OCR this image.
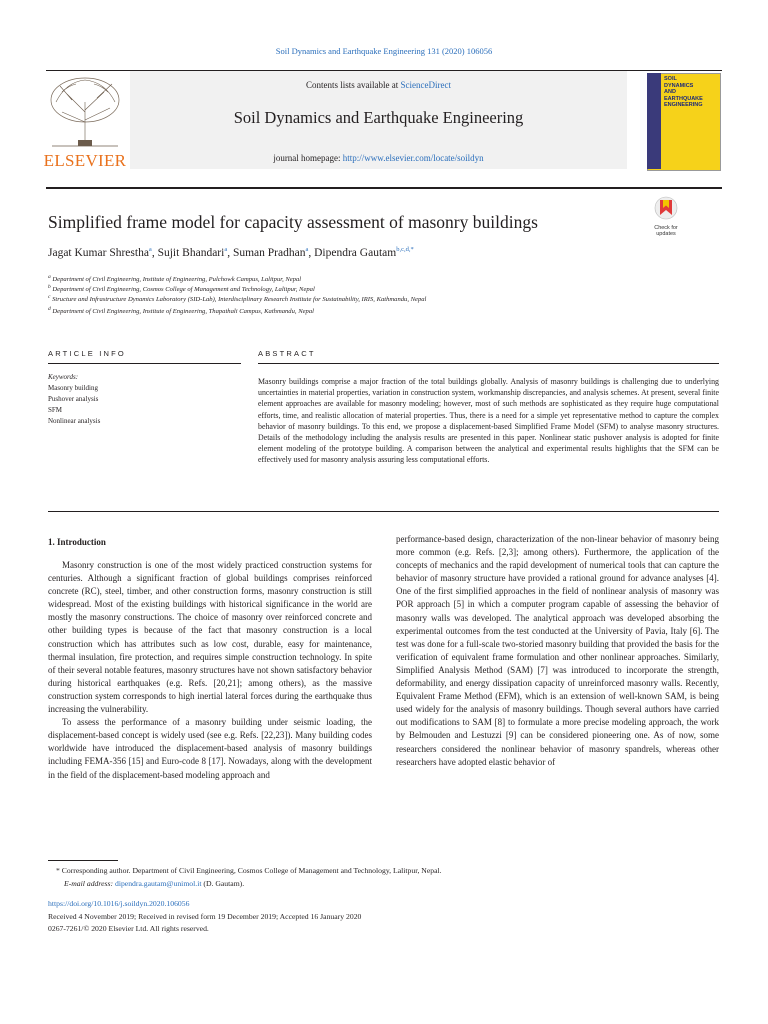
Soil Dynamics and Earthquake Engineering 131 (2020) 106056
ELSEVIER
Contents lists available at ScienceDirect
Soil Dynamics and Earthquake Engineering
journal homepage: http://www.elsevier.com/locate/soildyn
SOIL
DYNAMICS
AND
EARTHQUAKE
ENGINEERING
Simplified frame model for capacity assessment of masonry buildings	Check for
updates
Jagat Kumar Shrestha$^a$, Sujit Bhandari$^a$, Suman Pradhan$^a$, Dipendra Gautam$^{b,c,d,*}$
$^a$ Department of Civil Engineering, Institute of Engineering, Pulchowk Campus, Lalitpur, Nepal
$^b$ Department of Civil Engineering, Cosmos College of Management and Technology, Lalitpur, Nepal
$^c$ Structure and Infrastructure Dynamics Laboratory (SID-Lab), Interdisciplinary Research Institute for Sustainability, IRIS, Kathmandu, Nepal
$^d$ Department of Civil Engineering, Institute of Engineering, Thapathali Campus, Kathmandu, Nepal
ARTICLE INFO	ABSTRACT
Keywords:
Masonry building
Pushover analysis
SFM
Nonlinear analysis
Masonry buildings comprise a major fraction of the total buildings globally. Analysis of masonry buildings is challenging due to underlying uncertainties in material properties, variation in construction system, workmanship discrepancies, and analysis schemes. At present, several finite element approaches are available for masonry modeling; however, most of such methods are sophisticated as they require huge computational efforts, time, and realistic allocation of material properties. Thus, there is a need for a simple yet representative method to capture the complex behavior of masonry buildings. To this end, we propose a displacement-based Simplified Frame Model (SFM) to analyse masonry structures. Details of the methodology including the analysis results are presented in this paper. Nonlinear static pushover analysis is adopted for finite element modeling of the prototype building. A comparison between the analytical and experimental results highlights that the SFM can be effectively used for masonry analysis assuring less computational efforts.
1. Introduction

Masonry construction is one of the most widely practiced construction systems for centuries. Although a significant fraction of global buildings comprises reinforced concrete (RC), steel, timber, and other construction forms, masonry construction is still widespread. Most of the existing buildings with historical significance in the world are mostly the masonry constructions. The choice of masonry over reinforced concrete and other building types is because of the fact that masonry construction is a local construction which has attributes such as low cost, durable, easy for maintenance, thermal insulation, fire protection, and requires simple construction technology. In spite of their several notable features, masonry structures have not shown satisfactory behavior during historical earthquakes (e.g. Refs. [20,21]; among others), as the massive construction system corresponds to high inertial lateral forces during the earthquake thus increasing the vulnerability.

To assess the performance of a masonry building under seismic loading, the displacement-based concept is widely used (see e.g. Refs. [22,23]). Many building codes worldwide have introduced the displacement-based analysis of masonry buildings including FEMA-356 [15] and Euro-code 8 [17]. Nowadays, along with the development in the field of the displacement-based modeling approach and

performance-based design, characterization of the non-linear behavior of masonry being more common (e.g. Refs. [2,3]; among others). Furthermore, the application of the concepts of mechanics and the rapid development of numerical tools that can capture the behavior of masonry structure have provided a rational ground for advance analyses [4]. One of the first simplified approaches in the field of nonlinear analysis of masonry was POR approach [5] in which a computer program capable of assessing the behavior of masonry walls was developed. The analytical approach was developed absorbing the experimental outcomes from the test conducted at the University of Pavia, Italy [6]. The test was done for a full-scale two-storied masonry building that provided the basis for the verification of equivalent frame formulation and other nonlinear approaches. Similarly, Simplified Analysis Method (SAM) [7] was introduced to incorporate the strength, deformability, and energy dissipation capacity of unreinforced masonry walls. Recently, Equivalent Frame Method (EFM), which is an extension of well-known SAM, is being used widely for the analysis of masonry buildings. Though several authors have carried out modifications to SAM [8] to formulate a more precise modeling approach, the work by Belmouden and Lestuzzi [9] can be considered pioneering one. As of now, some researchers considered the nonlinear behavior of masonry spandrels, whereas other researchers have adopted elastic behavior of

* Corresponding author. Department of Civil Engineering, Cosmos College of Management and Technology, Lalitpur, Nepal.
E-mail address: dipendra.gautam@unimol.it (D. Gautam).
https://doi.org/10.1016/j.soildyn.2020.106056
Received 4 November 2019; Received in revised form 19 December 2019; Accepted 16 January 2020
0267-7261/© 2020 Elsevier Ltd. All rights reserved.
